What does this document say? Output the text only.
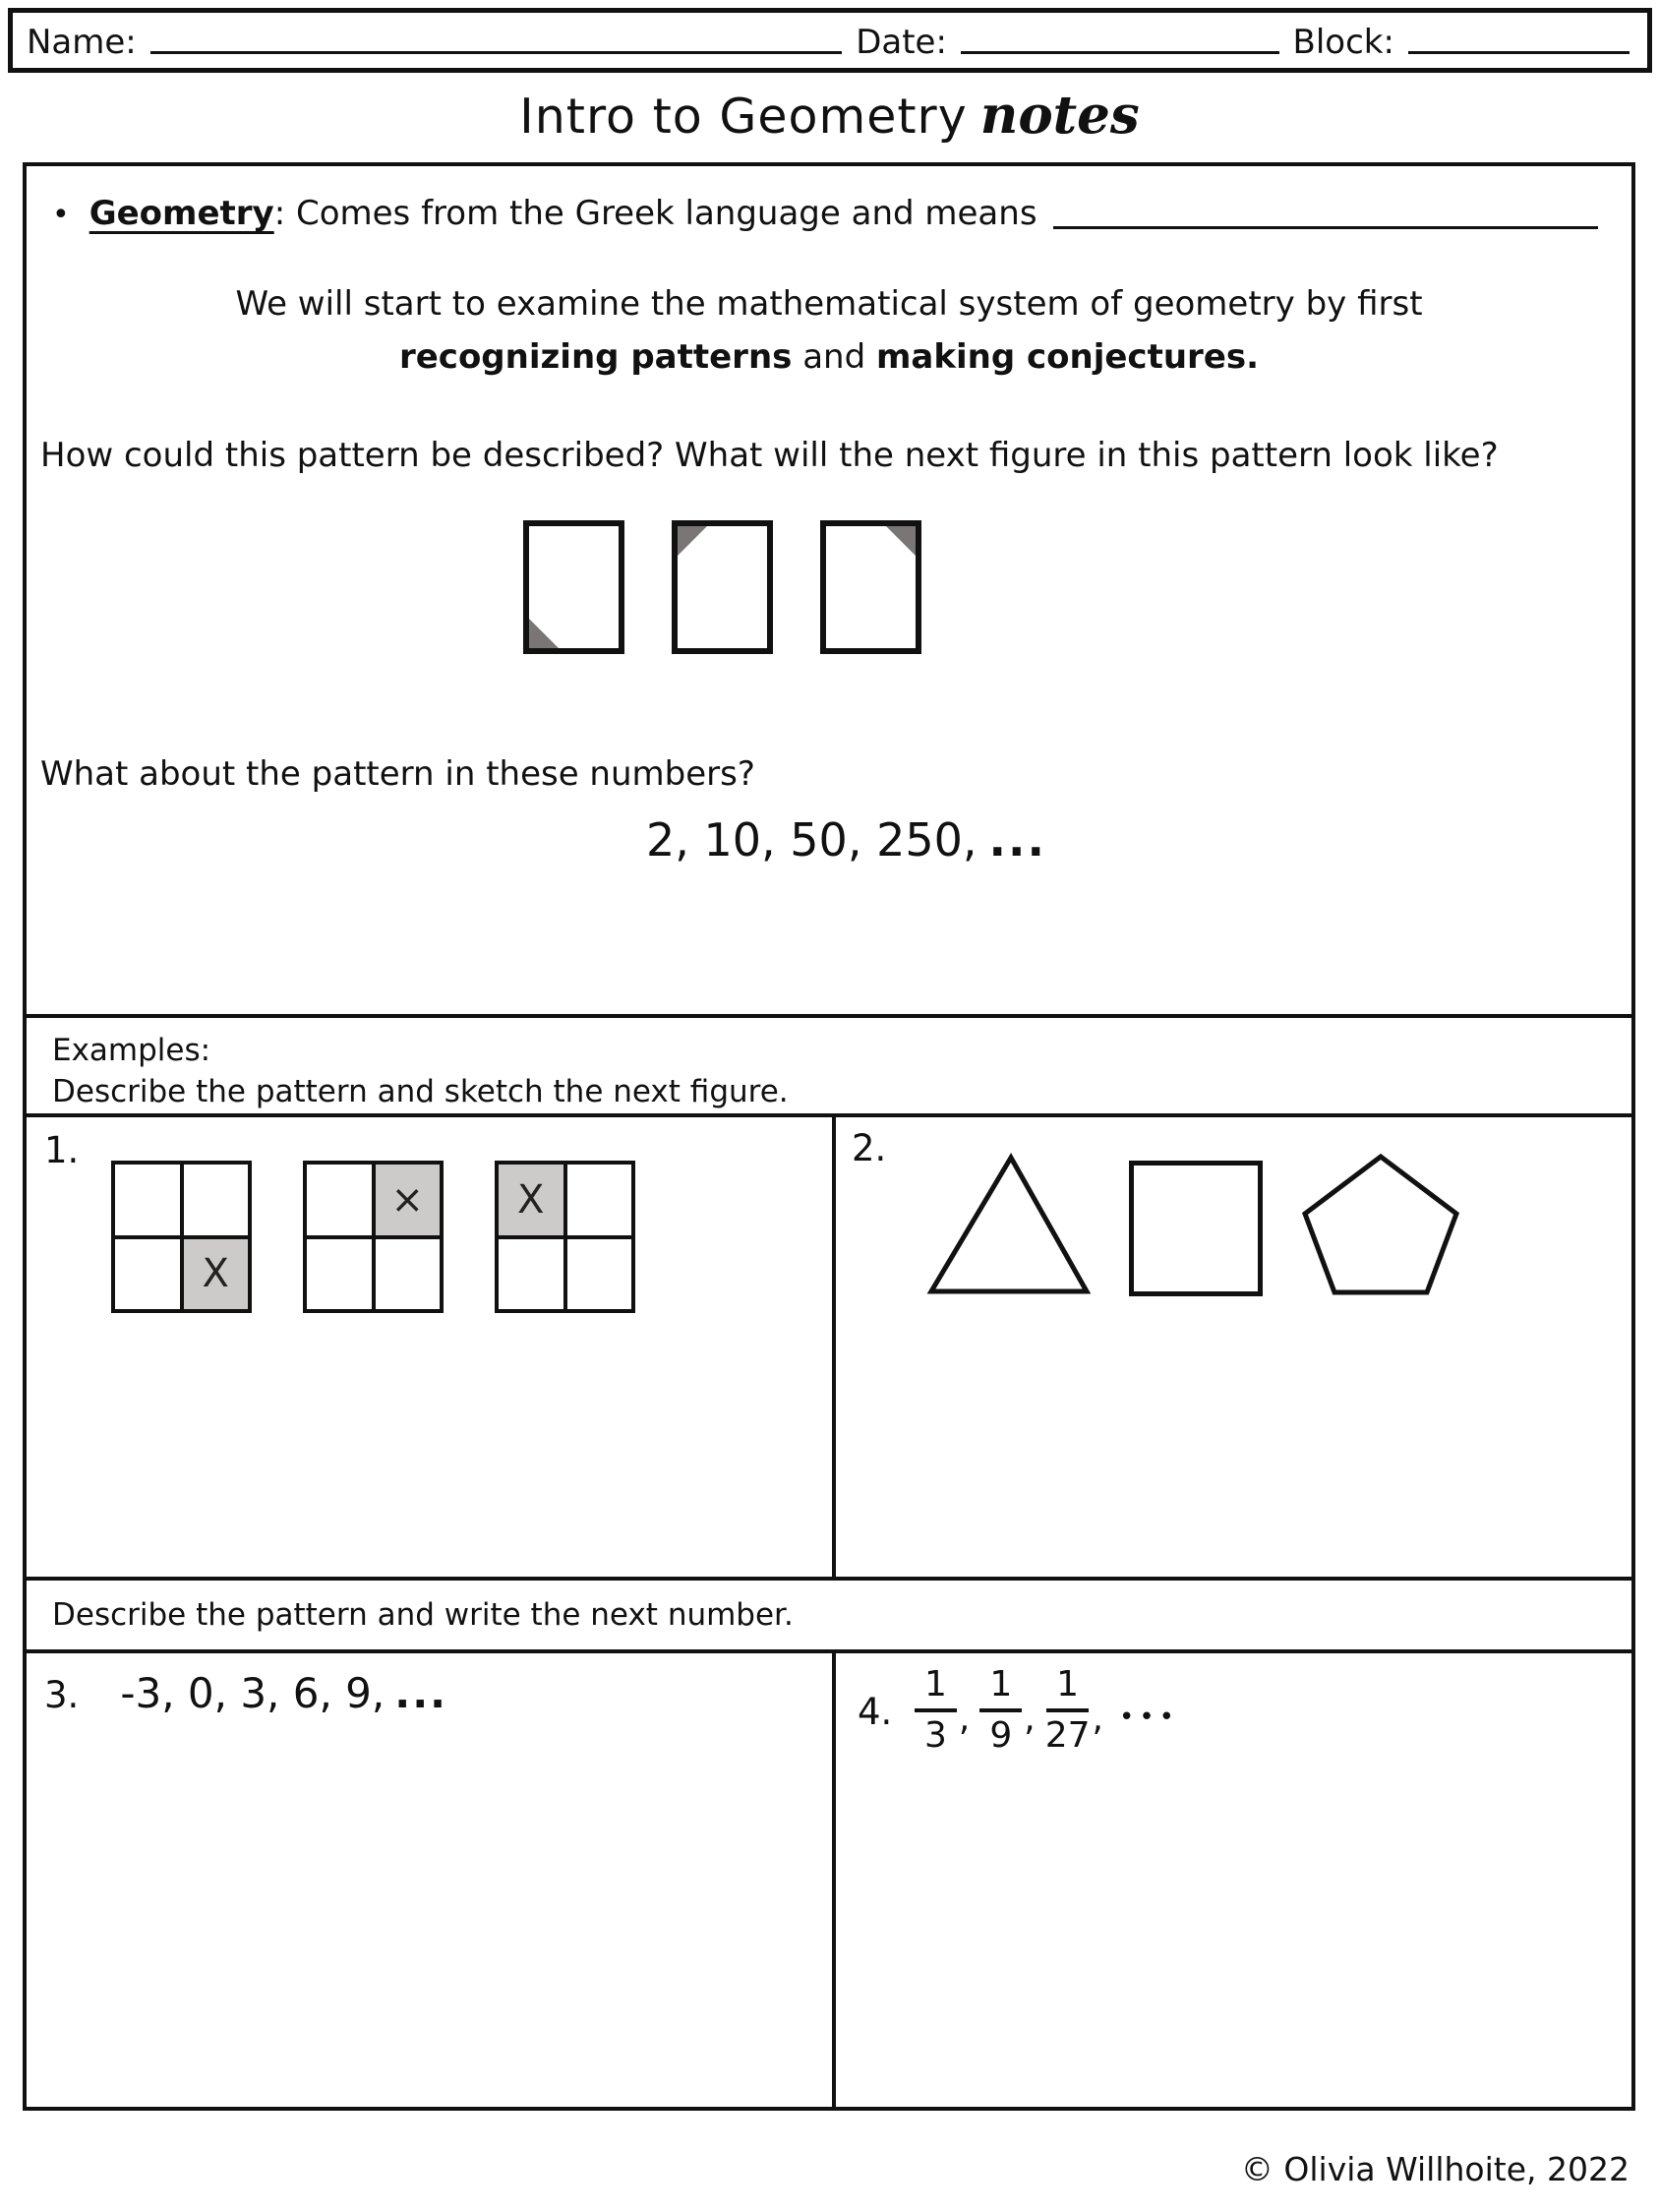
Name:	Date:	Block:
Intro to Geometry notes
• Geometry : Comes from the Greek language and means
We will start to examine the mathematical system of geometry by first
recognizing patterns and making conjectures.
How could this pattern be described? What will the next figure in this pattern look like?
What about the pattern in these numbers?
2, 10, 50, 250, ...
Examples:
Describe the pattern and sketch the next figure.
1.
X
× X
2.
Describe the pattern and write the next number.
3. -3, 0, 3, 6, 9, ...	4. $\frac{1}{3}$ , $\frac{1}{9}$ , $\frac{1}{27}$ , •••
© Olivia Willhoite, 2022
